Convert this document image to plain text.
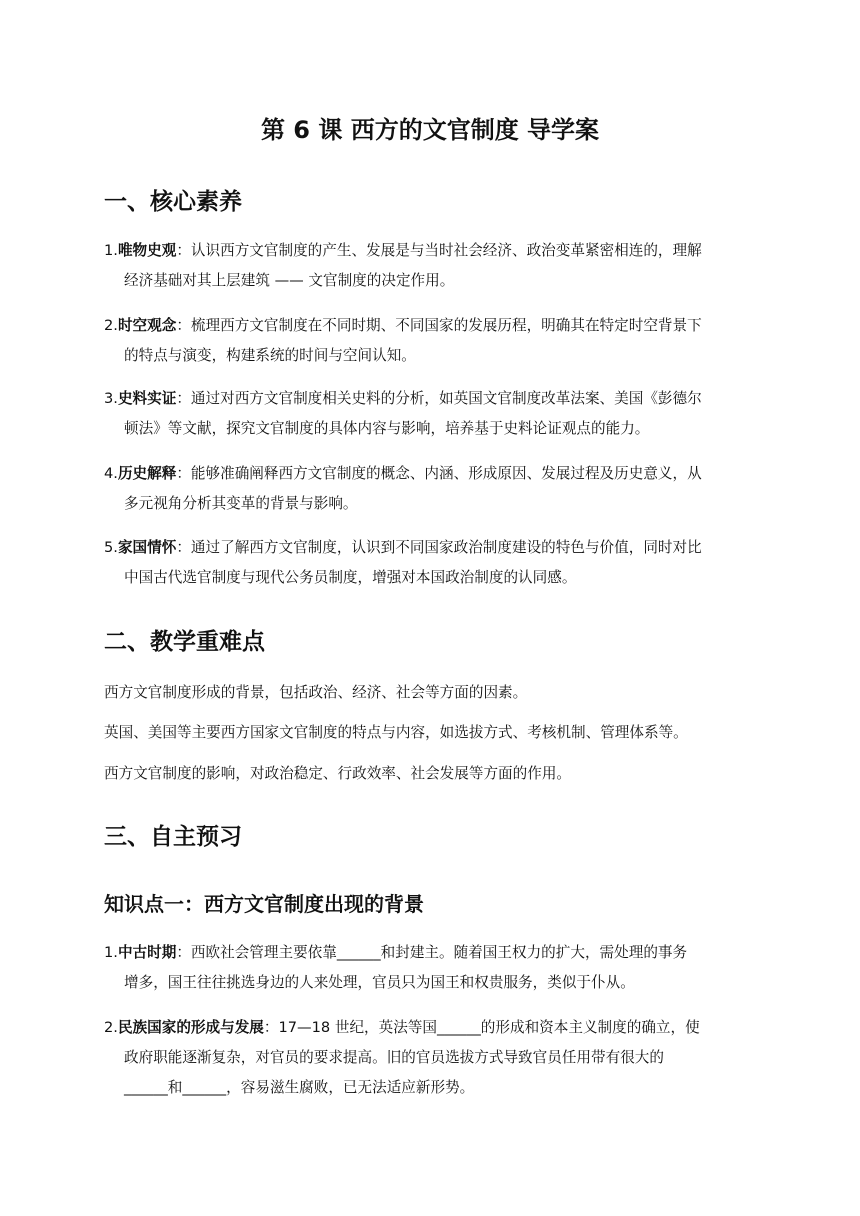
第 6 课 西方的文官制度 导学案
一、核心素养
1.唯物史观：认识西方文官制度的产生、发展是与当时社会经济、政治变革紧密相连的，理解
经济基础对其上层建筑 —— 文官制度的决定作用。
2.时空观念：梳理西方文官制度在不同时期、不同国家的发展历程，明确其在特定时空背景下
的特点与演变，构建系统的时间与空间认知。
3.史料实证：通过对西方文官制度相关史料的分析，如英国文官制度改革法案、美国《彭德尔
顿法》等文献，探究文官制度的具体内容与影响，培养基于史料论证观点的能力。
4.历史解释：能够准确阐释西方文官制度的概念、内涵、形成原因、发展过程及历史意义，从
多元视角分析其变革的背景与影响。
5.家国情怀：通过了解西方文官制度，认识到不同国家政治制度建设的特色与价值，同时对比
中国古代选官制度与现代公务员制度，增强对本国政治制度的认同感。
二、教学重难点
西方文官制度形成的背景，包括政治、经济、社会等方面的因素。
英国、美国等主要西方国家文官制度的特点与内容，如选拔方式、考核机制、管理体系等。
西方文官制度的影响，对政治稳定、行政效率、社会发展等方面的作用。
三、自主预习
知识点一：西方文官制度出现的背景
1.中古时期：西欧社会管理主要依靠______和封建主。随着国王权力的扩大，需处理的事务
增多，国王往往挑选身边的人来处理，官员只为国王和权贵服务，类似于仆从。
2.民族国家的形成与发展：17—18 世纪，英法等国______的形成和资本主义制度的确立，使
政府职能逐渐复杂，对官员的要求提高。旧的官员选拔方式导致官员任用带有很大的
______和______，容易滋生腐败，已无法适应新形势。
